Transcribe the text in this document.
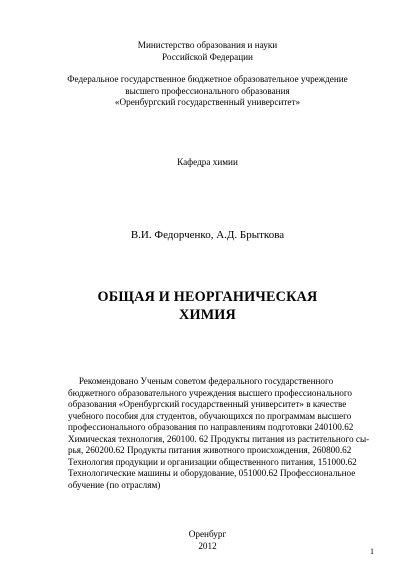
Министерство образования и науки
Российской Федерации
Федеральное государственное бюджетное образовательное учреждение
высшего профессионального образования
«Оренбургский государственный университет»
Кафедра химии
В.И. Федорченко, А.Д. Брыткова
ОБЩАЯ И НЕОРГАНИЧЕСКАЯ
ХИМИЯ
Рекомендовано Ученым советом федерального государственного
бюджетного образовательного учреждения высшего профессионального
образования «Оренбургский государственный университет» в качестве
учебного пособия для студентов, обучающихся по программам высшего
профессионального образования по направлениям подготовки 240100.62
Химическая технология, 260100. 62 Продукты питания из растительного сы-
рья, 260200.62 Продукты питания животного происхождения, 260800.62
Технология продукции и организации общественного питания, 151000.62
Технологические машины и оборудование, 051000.62 Профессиональное
обучение (по отраслям)
Оренбург
2012
1
